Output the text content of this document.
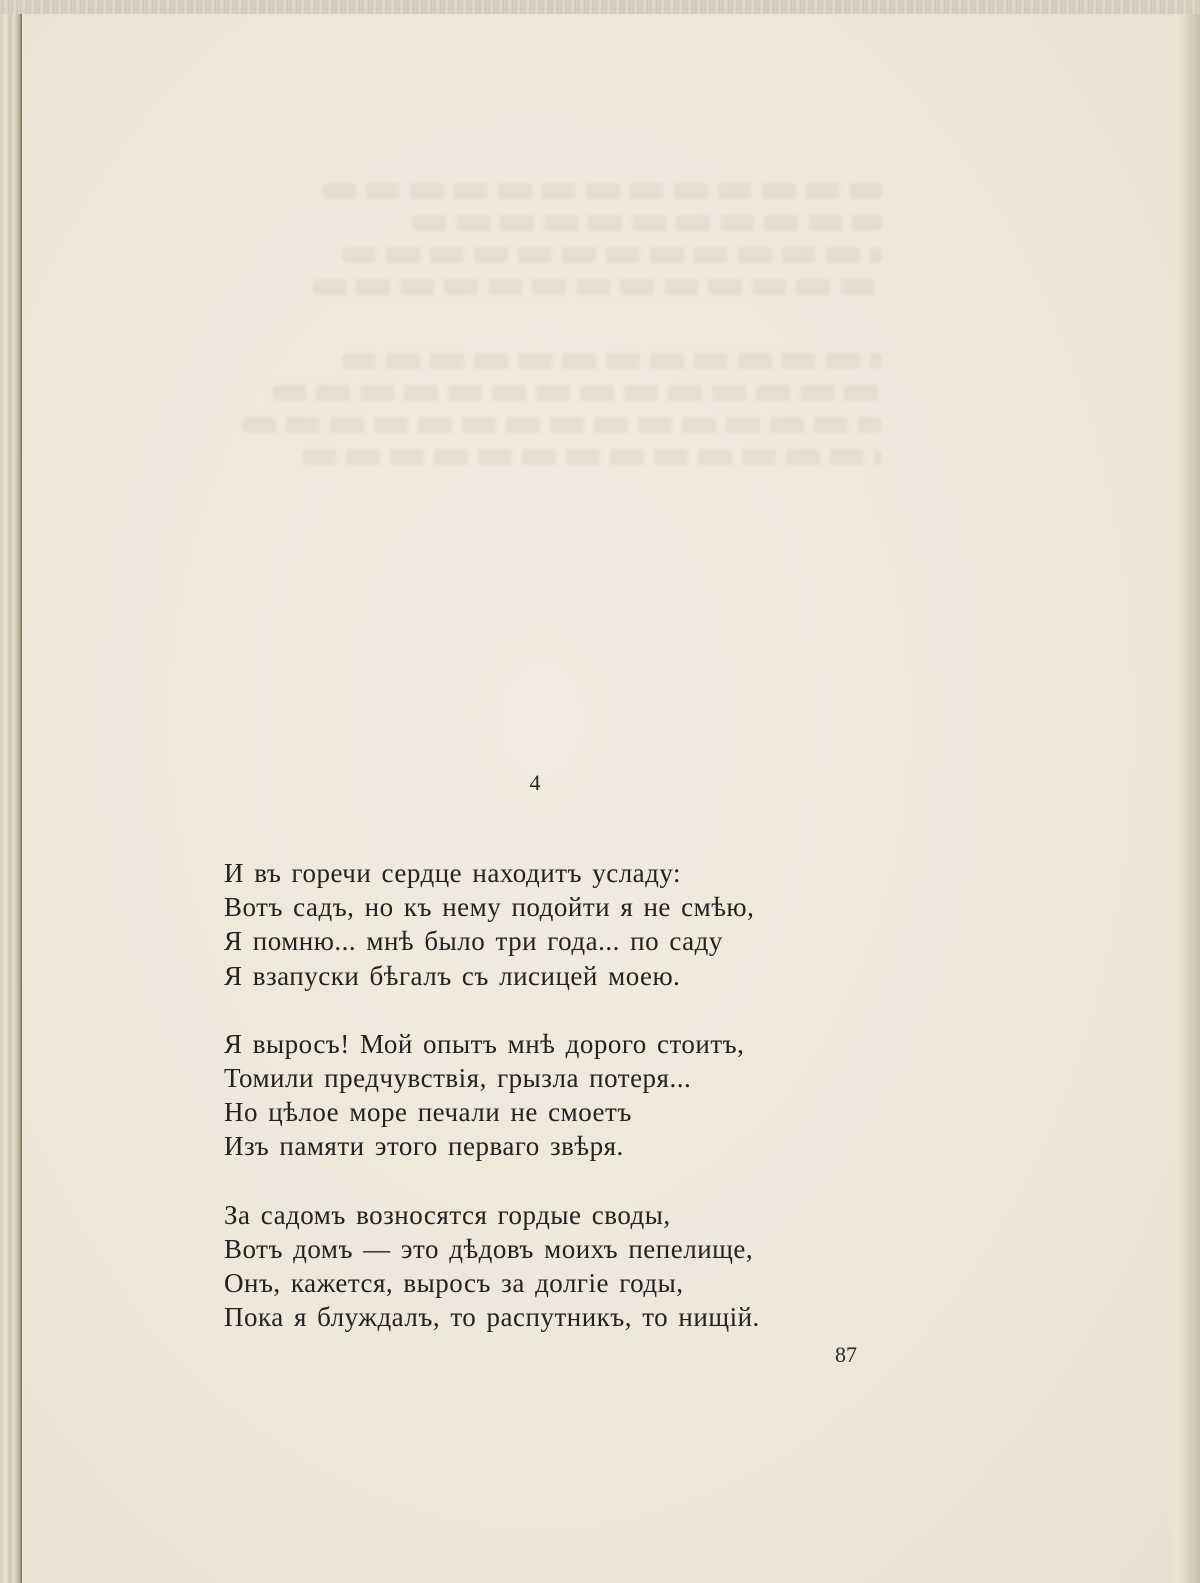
4
И въ горечи сердце находитъ усладу:
Вотъ садъ, но къ нему подойти я не смѣю,
Я помню... мнѣ было три года... по саду
Я взапуски бѣгалъ съ лисицей моею.
Я выросъ! Мой опытъ мнѣ дорого стоитъ,
Томили предчувствія, грызла потеря...
Но цѣлое море печали не смоетъ
Изъ памяти этого перваго звѣря.
За садомъ возносятся гордые своды,
Вотъ домъ — это дѣдовъ моихъ пепелище,
Онъ, кажется, выросъ за долгіе годы,
Пока я блуждалъ, то распутникъ, то нищій.
87
